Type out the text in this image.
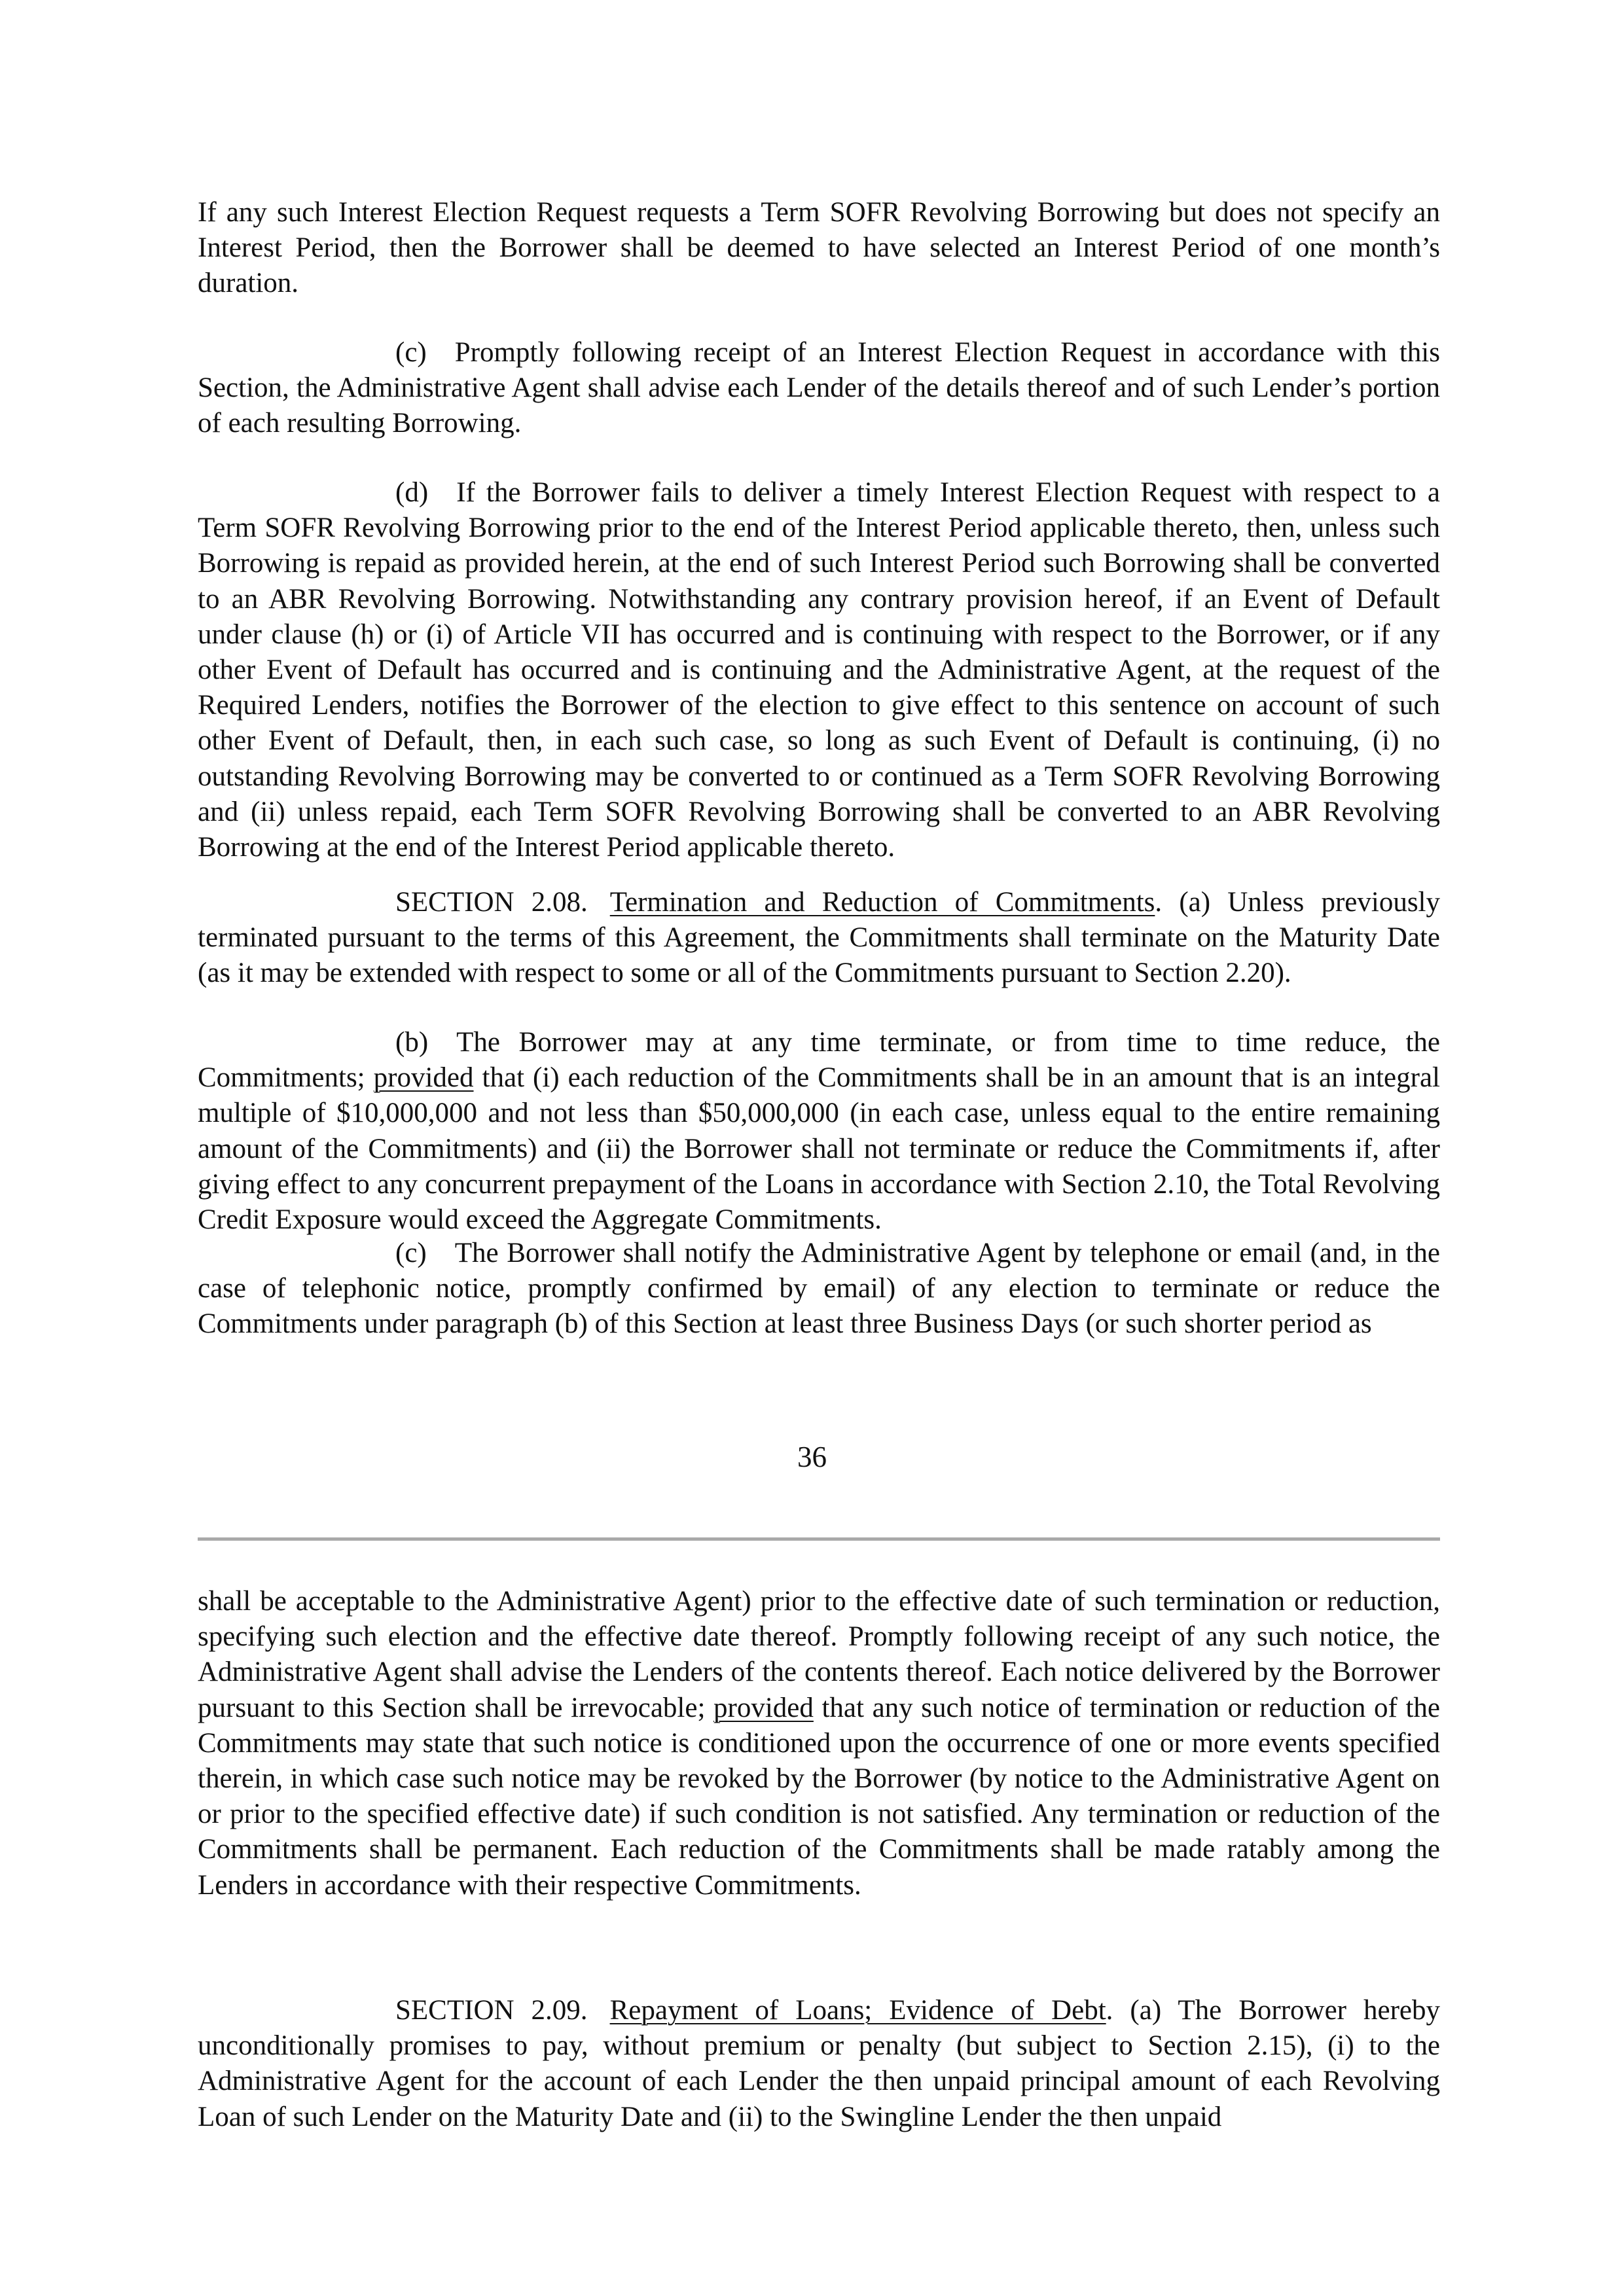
If any such Interest Election Request requests a Term SOFR Revolving Borrowing but does not specify an Interest Period, then the Borrower shall be deemed to have selected an Interest Period of one month’s duration.

(c) Promptly following receipt of an Interest Election Request in accordance with this Section, the Administrative Agent shall advise each Lender of the details thereof and of such Lender’s portion of each resulting Borrowing.

(d) If the Borrower fails to deliver a timely Interest Election Request with respect to a Term SOFR Revolving Borrowing prior to the end of the Interest Period applicable thereto, then, unless such Borrowing is repaid as provided herein, at the end of such Interest Period such Borrowing shall be converted to an ABR Revolving Borrowing. Notwithstanding any contrary provision hereof, if an Event of Default under clause (h) or (i) of Article VII has occurred and is continuing with respect to the Borrower, or if any other Event of Default has occurred and is continuing and the Administrative Agent, at the request of the Required Lenders, notifies the Borrower of the election to give effect to this sentence on account of such other Event of Default, then, in each such case, so long as such Event of Default is continuing, (i) no outstanding Revolving Borrowing may be converted to or continued as a Term SOFR Revolving Borrowing and (ii) unless repaid, each Term SOFR Revolving Borrowing shall be converted to an ABR Revolving Borrowing at the end of the Interest Period applicable thereto.

SECTION 2.08. Termination and Reduction of Commitments. (a) Unless previously terminated pursuant to the terms of this Agreement, the Commitments shall terminate on the Maturity Date (as it may be extended with respect to some or all of the Commitments pursuant to Section 2.20).

(b) The Borrower may at any time terminate, or from time to time reduce, the Commitments; provided that (i) each reduction of the Commitments shall be in an amount that is an integral multiple of $10,000,000 and not less than $50,000,000 (in each case, unless equal to the entire remaining amount of the Commitments) and (ii) the Borrower shall not terminate or reduce the Commitments if, after giving effect to any concurrent prepayment of the Loans in accordance with Section 2.10, the Total Revolving Credit Exposure would exceed the Aggregate Commitments.

(c) The Borrower shall notify the Administrative Agent by telephone or email (and, in the case of telephonic notice, promptly confirmed by email) of any election to terminate or reduce the Commitments under paragraph (b) of this Section at least three Business Days (or such shorter period as

36

shall be acceptable to the Administrative Agent) prior to the effective date of such termination or reduction, specifying such election and the effective date thereof. Promptly following receipt of any such notice, the Administrative Agent shall advise the Lenders of the contents thereof. Each notice delivered by the Borrower pursuant to this Section shall be irrevocable; provided that any such notice of termination or reduction of the Commitments may state that such notice is conditioned upon the occurrence of one or more events specified therein, in which case such notice may be revoked by the Borrower (by notice to the Administrative Agent on or prior to the specified effective date) if such condition is not satisfied. Any termination or reduction of the Commitments shall be permanent. Each reduction of the Commitments shall be made ratably among the Lenders in accordance with their respective Commitments.

SECTION 2.09. Repayment of Loans; Evidence of Debt. (a) The Borrower hereby unconditionally promises to pay, without premium or penalty (but subject to Section 2.15), (i) to the Administrative Agent for the account of each Lender the then unpaid principal amount of each Revolving Loan of such Lender on the Maturity Date and (ii) to the Swingline Lender the then unpaid
